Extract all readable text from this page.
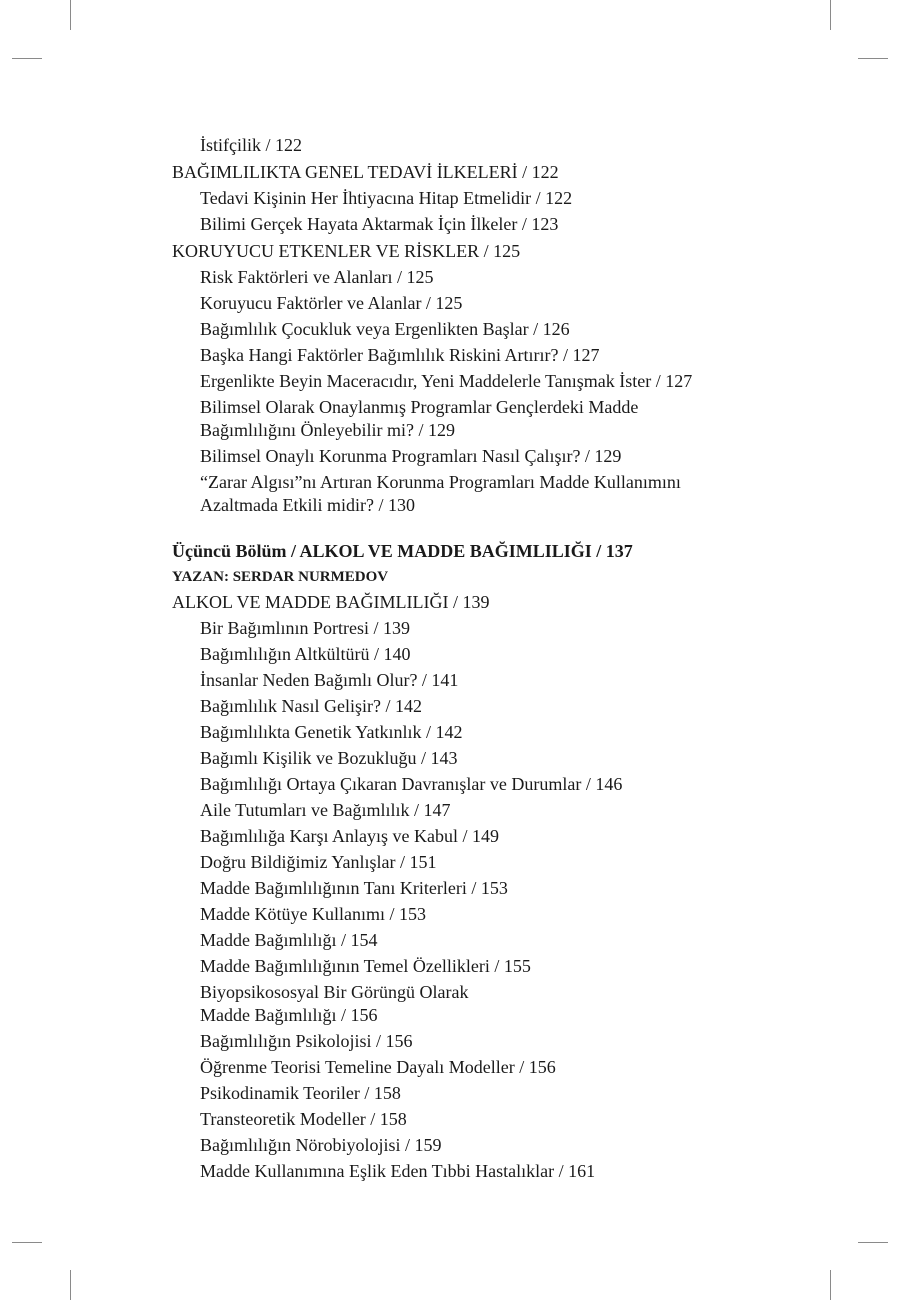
İstifçilik / 122
BAĞIMLILIKTA GENEL TEDAVİ İLKELERİ / 122
Tedavi Kişinin Her İhtiyacına Hitap Etmelidir / 122
Bilimi Gerçek Hayata Aktarmak İçin İlkeler / 123
KORUYUCU ETKENLER VE RİSKLER / 125
Risk Faktörleri ve Alanları / 125
Koruyucu Faktörler ve Alanlar / 125
Bağımlılık Çocukluk veya Ergenlikten Başlar / 126
Başka Hangi Faktörler Bağımlılık Riskini Artırır? / 127
Ergenlikte Beyin Maceracıdır, Yeni Maddelerle Tanışmak İster / 127
Bilimsel Olarak Onaylanmış Programlar Gençlerdeki Madde
Bağımlılığını Önleyebilir mi? / 129
Bilimsel Onaylı Korunma Programları Nasıl Çalışır? / 129
“Zarar Algısı”nı Artıran Korunma Programları Madde Kullanımını
Azaltmada Etkili midir? / 130
Üçüncü Bölüm / ALKOL VE MADDE BAĞIMLILIĞI / 137
YAZAN: SERDAR NURMEDOV
ALKOL VE MADDE BAĞIMLILIĞI / 139
Bir Bağımlının Portresi / 139
Bağımlılığın Altkültürü / 140
İnsanlar Neden Bağımlı Olur? / 141
Bağımlılık Nasıl Gelişir? / 142
Bağımlılıkta Genetik Yatkınlık / 142
Bağımlı Kişilik ve Bozukluğu / 143
Bağımlılığı Ortaya Çıkaran Davranışlar ve Durumlar / 146
Aile Tutumları ve Bağımlılık / 147
Bağımlılığa Karşı Anlayış ve Kabul / 149
Doğru Bildiğimiz Yanlışlar / 151
Madde Bağımlılığının Tanı Kriterleri / 153
Madde Kötüye Kullanımı / 153
Madde Bağımlılığı / 154
Madde Bağımlılığının Temel Özellikleri / 155
Biyopsikososyal Bir Görüngü Olarak
Madde Bağımlılığı / 156
Bağımlılığın Psikolojisi / 156
Öğrenme Teorisi Temeline Dayalı Modeller / 156
Psikodinamik Teoriler / 158
Transteoretik Modeller / 158
Bağımlılığın Nörobiyolojisi / 159
Madde Kullanımına Eşlik Eden Tıbbi Hastalıklar / 161
